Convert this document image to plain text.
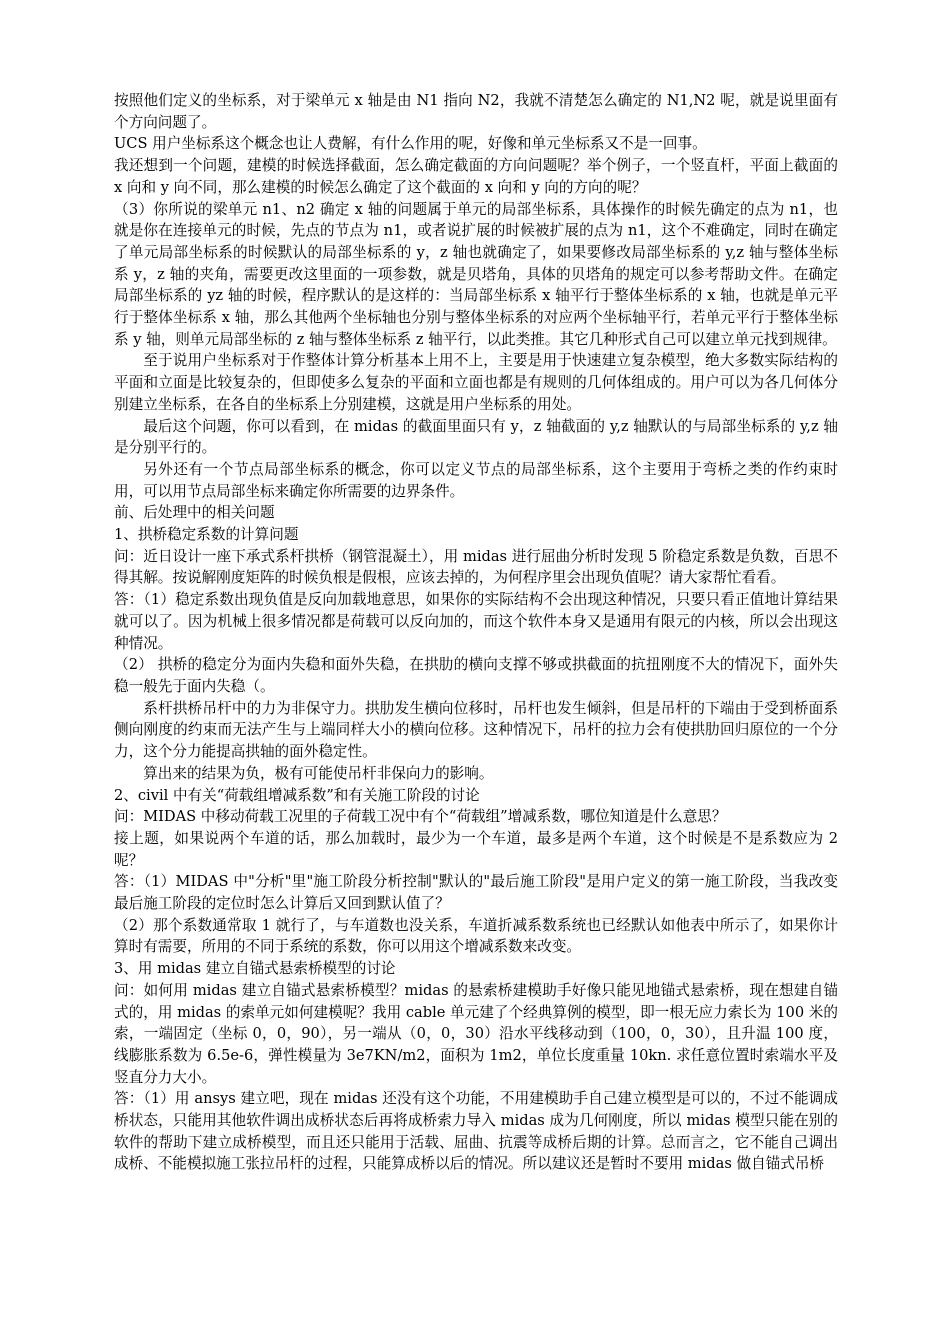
按照他们定义的坐标系，对于梁单元 x 轴是由 N1 指向 N2，我就不清楚怎么确定的 N1,N2 呢，就是说里面有个方向问题了。

UCS 用户坐标系这个概念也让人费解，有什么作用的呢，好像和单元坐标系又不是一回事。

我还想到一个问题，建模的时候选择截面，怎么确定截面的方向问题呢？举个例子，一个竖直杆，平面上截面的 x 向和 y 向不同，那么建模的时候怎么确定了这个截面的 x 向和 y 向的方向的呢？

（3）你所说的梁单元 n1、n2 确定 x 轴的问题属于单元的局部坐标系，具体操作的时候先确定的点为 n1，也就是你在连接单元的时候，先点的节点为 n1，或者说扩展的时候被扩展的点为 n1，这个不难确定，同时在确定了单元局部坐标系的时候默认的局部坐标系的 y，z 轴也就确定了，如果要修改局部坐标系的 y,z 轴与整体坐标系 y，z 轴的夹角，需要更改这里面的一项参数，就是贝塔角，具体的贝塔角的规定可以参考帮助文件。在确定局部坐标系的 yz 轴的时候，程序默认的是这样的：当局部坐标系 x 轴平行于整体坐标系的 x 轴，也就是单元平行于整体坐标系 x 轴，那么其他两个坐标轴也分别与整体坐标系的对应两个坐标轴平行，若单元平行于整体坐标系 y 轴，则单元局部坐标的 z 轴与整体坐标系 z 轴平行，以此类推。其它几种形式自己可以建立单元找到规律。

至于说用户坐标系对于作整体计算分析基本上用不上，主要是用于快速建立复杂模型，绝大多数实际结构的平面和立面是比较复杂的，但即使多么复杂的平面和立面也都是有规则的几何体组成的。用户可以为各几何体分别建立坐标系，在各自的坐标系上分别建模，这就是用户坐标系的用处。

最后这个问题，你可以看到，在 midas 的截面里面只有 y，z 轴截面的 y,z 轴默认的与局部坐标系的 y,z 轴是分别平行的。

另外还有一个节点局部坐标系的概念，你可以定义节点的局部坐标系，这个主要用于弯桥之类的作约束时用，可以用节点局部坐标来确定你所需要的边界条件。

前、后处理中的相关问题

1、拱桥稳定系数的计算问题

问：近日设计一座下承式系杆拱桥（钢管混凝土），用 midas 进行屈曲分析时发现 5 阶稳定系数是负数，百思不得其解。按说解刚度矩阵的时候负根是假根，应该去掉的，为何程序里会出现负值呢？请大家帮忙看看。

答：（1）稳定系数出现负值是反向加载地意思，如果你的实际结构不会出现这种情况，只要只看正值地计算结果就可以了。因为机械上很多情况都是荷载可以反向加的，而这个软件本身又是通用有限元的内核，所以会出现这种情况。

（2） 拱桥的稳定分为面内失稳和面外失稳，在拱肋的横向支撑不够或拱截面的抗扭刚度不大的情况下，面外失稳一般先于面内失稳（。

系杆拱桥吊杆中的力为非保守力。拱肋发生横向位移时，吊杆也发生倾斜，但是吊杆的下端由于受到桥面系侧向刚度的约束而无法产生与上端同样大小的横向位移。这种情况下，吊杆的拉力会有使拱肋回归原位的一个分力，这个分力能提高拱轴的面外稳定性。

算出来的结果为负，极有可能使吊杆非保向力的影响。

2、civil 中有关“荷载组增减系数”和有关施工阶段的讨论

问：MIDAS 中移动荷载工况里的子荷载工况中有个“荷载组”增减系数，哪位知道是什么意思？

接上题，如果说两个车道的话，那么加载时，最少为一个车道，最多是两个车道，这个时候是不是系数应为 2 呢？

答：（1）MIDAS 中"分析"里"施工阶段分析控制"默认的"最后施工阶段"是用户定义的第一施工阶段，当我改变最后施工阶段的定位时怎么计算后又回到默认值了？

（2）那个系数通常取 1 就行了，与车道数也没关系，车道折减系数系统也已经默认如他表中所示了，如果你计算时有需要，所用的不同于系统的系数，你可以用这个增减系数来改变。

3、用 midas 建立自锚式悬索桥模型的讨论

问：如何用 midas 建立自锚式悬索桥模型？midas 的悬索桥建模助手好像只能见地锚式悬索桥，现在想建自锚式的，用 midas 的索单元如何建模呢？我用 cable 单元建了个经典算例的模型，即一根无应力索长为 100 米的索，一端固定（坐标 0，0，90），另一端从（0，0，30）沿水平线移动到（100，0，30），且升温 100 度，线膨胀系数为 6.5e-6，弹性模量为 3e7KN/m2，面积为 1m2，单位长度重量 10kn. 求任意位置时索端水平及竖直分力大小。

答：（1）用 ansys 建立吧，现在 midas 还没有这个功能，不用建模助手自己建立模型是可以的，不过不能调成桥状态，只能用其他软件调出成桥状态后再将成桥索力导入 midas 成为几何刚度，所以 midas 模型只能在别的软件的帮助下建立成桥模型，而且还只能用于活载、屈曲、抗震等成桥后期的计算。总而言之，它不能自己调出成桥、不能模拟施工张拉吊杆的过程，只能算成桥以后的情况。所以建议还是暂时不要用 midas 做自锚式吊桥
